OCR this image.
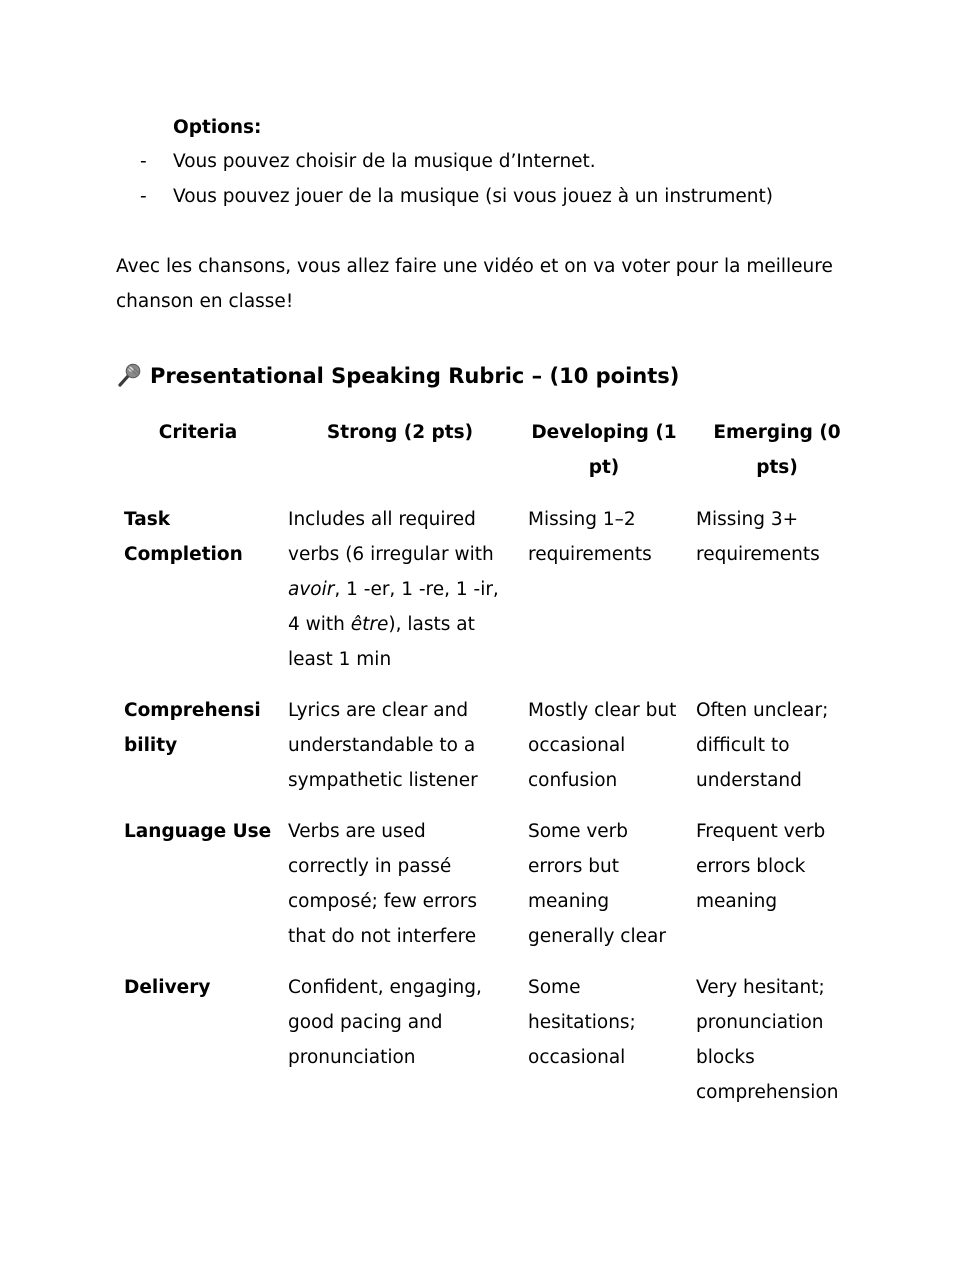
Options:
- Vous pouvez choisir de la musique d’Internet.
- Vous pouvez jouer de la musique (si vous jouez à un instrument)
Avec les chansons, vous allez faire une vidéo et on va voter pour la meilleure chanson en classe!
Presentational Speaking Rubric – (10 points)
Criteria	Strong (2 pts)	Developing (1 pt)	Emerging (0 pts)
Task Completion	Includes all required verbs (6 irregular with avoir, 1 -er, 1 -re, 1 -ir, 4 with être), lasts at least 1 min	Missing 1–2 requirements	Missing 3+ requirements
Comprehensibility	Lyrics are clear and understandable to a sympathetic listener	Mostly clear but occasional confusion	Often unclear; difficult to understand
Language Use	Verbs are used correctly in passé composé; few errors that do not interfere	Some verb errors but meaning generally clear	Frequent verb errors block meaning
Delivery	Confident, engaging, good pacing and pronunciation	Some hesitations; occasional	Very hesitant; pronunciation blocks comprehension
